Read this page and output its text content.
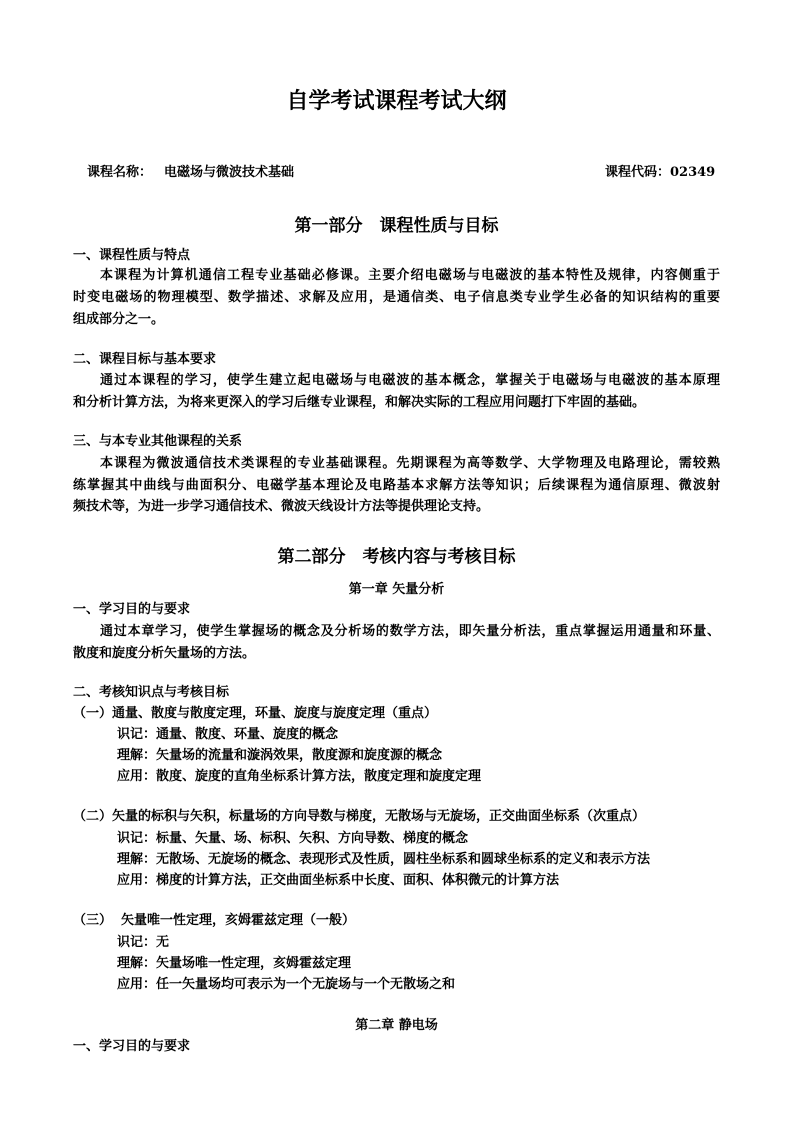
自学考试课程考试大纲
课程名称： 电磁场与微波技术基础	课程代码：02349
第一部分　课程性质与目标
一、课程性质与特点
本课程为计算机通信工程专业基础必修课。主要介绍电磁场与电磁波的基本特性及规律，内容侧重于
时变电磁场的物理模型、数学描述、求解及应用，是通信类、电子信息类专业学生必备的知识结构的重要
组成部分之一。
二、课程目标与基本要求
通过本课程的学习，使学生建立起电磁场与电磁波的基本概念，掌握关于电磁场与电磁波的基本原理
和分析计算方法，为将来更深入的学习后继专业课程，和解决实际的工程应用问题打下牢固的基础。
三、与本专业其他课程的关系
本课程为微波通信技术类课程的专业基础课程。先期课程为高等数学、大学物理及电路理论，需较熟
练掌握其中曲线与曲面积分、电磁学基本理论及电路基本求解方法等知识；后续课程为通信原理、微波射
频技术等，为进一步学习通信技术、微波天线设计方法等提供理论支持。
第二部分　考核内容与考核目标
第一章 矢量分析
一、学习目的与要求
通过本章学习，使学生掌握场的概念及分析场的数学方法，即矢量分析法，重点掌握运用通量和环量、
散度和旋度分析矢量场的方法。
二、考核知识点与考核目标
（一）通量、散度与散度定理，环量、旋度与旋度定理（重点）
识记：通量、散度、环量、旋度的概念
理解：矢量场的流量和漩涡效果，散度源和旋度源的概念
应用：散度、旋度的直角坐标系计算方法，散度定理和旋度定理
（二）矢量的标积与矢积，标量场的方向导数与梯度，无散场与无旋场，正交曲面坐标系（次重点）
识记：标量、矢量、场、标积、矢积、方向导数、梯度的概念
理解：无散场、无旋场的概念、表现形式及性质，圆柱坐标系和圆球坐标系的定义和表示方法
应用：梯度的计算方法，正交曲面坐标系中长度、面积、体积微元的计算方法
（三）  矢量唯一性定理，亥姆霍兹定理（一般）
识记：无
理解：矢量场唯一性定理，亥姆霍兹定理
应用：任一矢量场均可表示为一个无旋场与一个无散场之和
第二章 静电场
一、学习目的与要求
